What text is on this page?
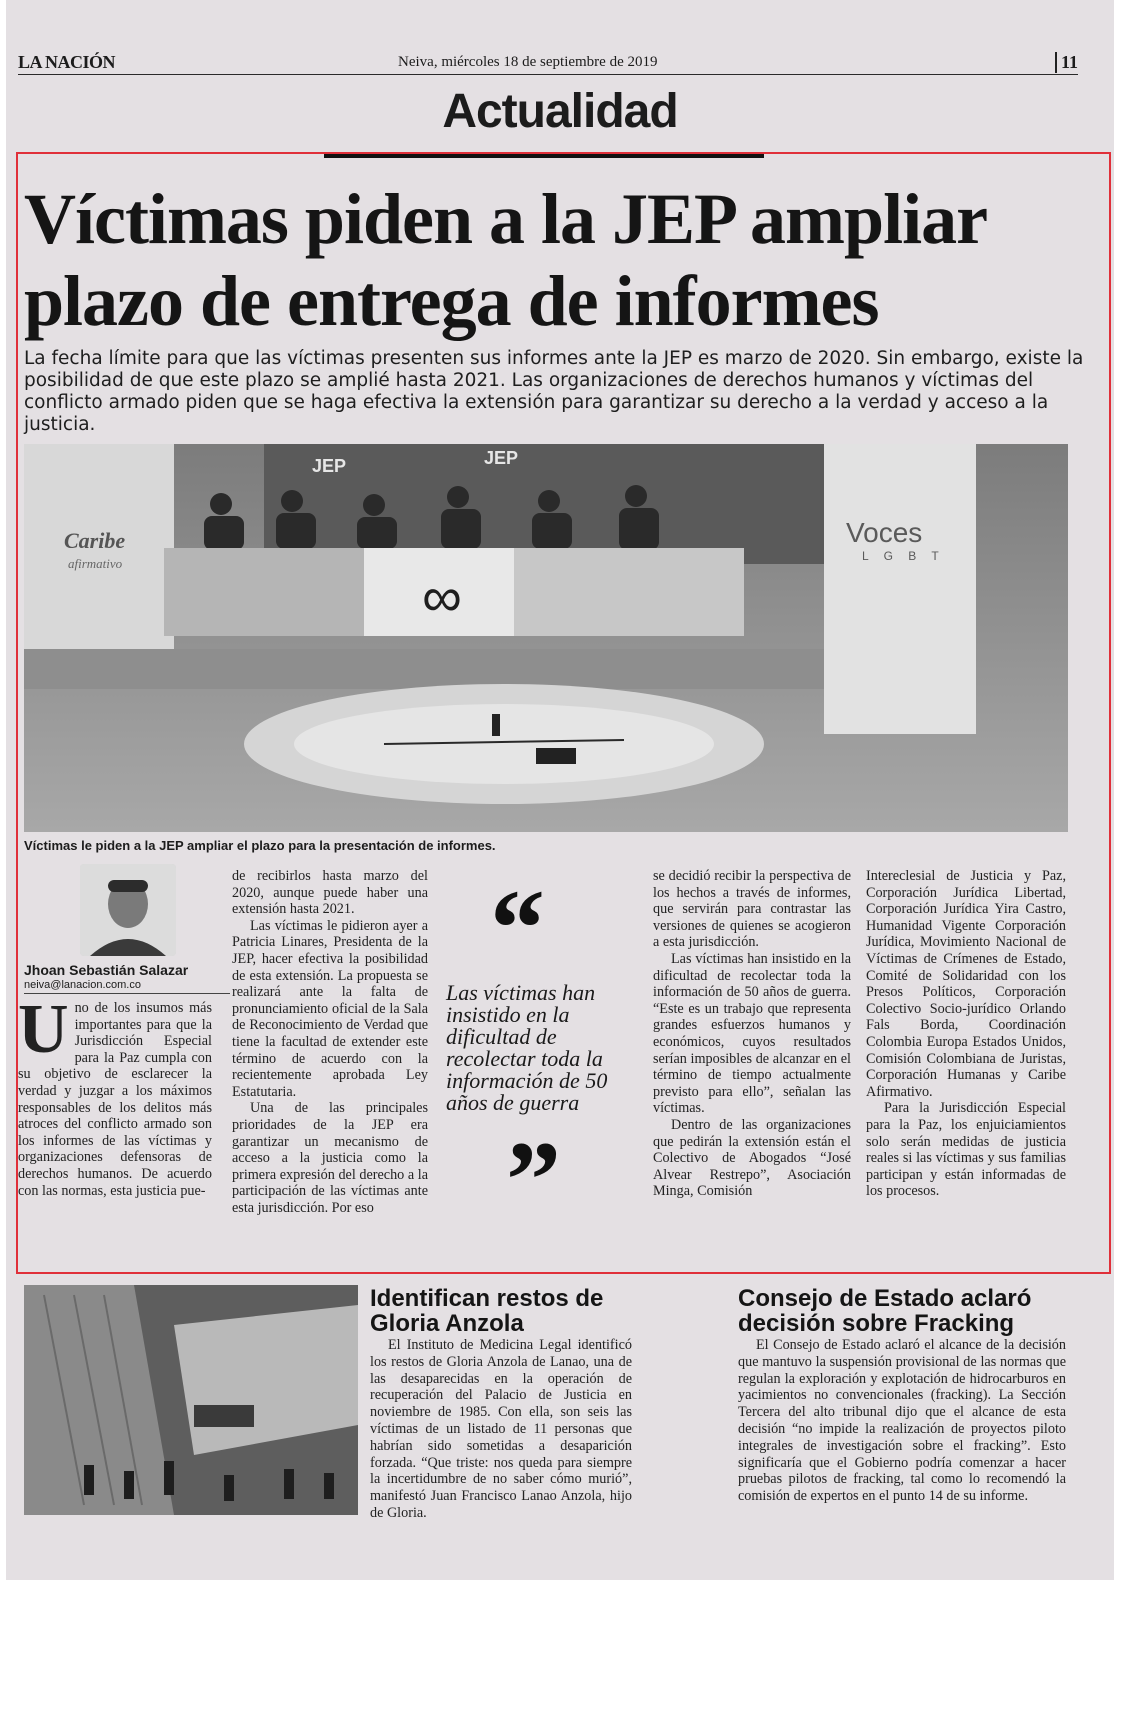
LA NACIÓN	Neiva, miércoles 18 de septiembre de 2019	11
Actualidad
Víctimas piden a la JEP ampliar
plazo de entrega de informes
La fecha límite para que las víctimas presenten sus informes ante la JEP es marzo de 2020. Sin embargo, existe la posibilidad de que este plazo se amplié hasta 2021. Las organizaciones de derechos humanos y víctimas del conflicto armado piden que se haga efectiva la extensión para garantizar su derecho a la verdad y acceso a la justicia.
JEP	JEP
Caribe
afirmativo
Voces
L G B T
∞
Víctimas le piden a la JEP ampliar el plazo para la presentación de informes.
Jhoan Sebastián Salazar
neiva@lanacion.com.co
U no de los insumos más importantes para que la Jurisdicción Especial para la Paz cumpla con su objetivo de esclarecer la verdad y juzgar a los máximos responsables de los delitos más atroces del conflicto armado son los informes de las víctimas y organizaciones defensoras de derechos humanos. De acuerdo con las normas, esta justicia pue-

de recibirlos hasta marzo del 2020, aunque puede haber una extensión hasta 2021.

Las víctimas le pidieron ayer a Patricia Linares, Presidenta de la JEP, hacer efectiva la posibilidad de esta extensión. La propuesta se realizará ante la falta de pronunciamiento oficial de la Sala de Reconocimiento de Verdad que tiene la facultad de extender este término de acuerdo con la recientemente aprobada Ley Estatutaria.

Una de las principales prioridades de la JEP era garantizar un mecanismo de acceso a la justicia como la primera expresión del derecho a la participación de las víctimas ante esta jurisdicción. Por eso

“
Las víctimas han insistido en la dificultad de recolectar toda la información de 50 años de guerra
”

se decidió recibir la perspectiva de los hechos a través de informes, que servirán para contrastar las versiones de quienes se acogieron a esta jurisdicción.

Las víctimas han insistido en la dificultad de recolectar toda la información de 50 años de guerra. “Este es un trabajo que representa grandes esfuerzos humanos y económicos, cuyos resultados serían imposibles de alcanzar en el término de tiempo actualmente previsto para ello”, señalan las víctimas.

Dentro de las organizaciones que pedirán la extensión están el Colectivo de Abogados “José Alvear Restrepo”, Asociación Minga, Comisión

Intereclesial de Justicia y Paz, Corporación Jurídica Libertad, Corporación Jurídica Yira Castro, Humanidad Vigente Corporación Jurídica, Movimiento Nacional de Víctimas de Crímenes de Estado, Comité de Solidaridad con los Presos Políticos, Corporación Colectivo Socio-jurídico Orlando Fals Borda, Coordinación Colombia Europa Estados Unidos, Comisión Colombiana de Juristas, Corporación Humanas y Caribe Afirmativo.

Para la Jurisdicción Especial para la Paz, los enjuiciamientos solo serán medidas de justicia reales si las víctimas y sus familias participan y están informadas de los procesos.

Identifican restos de Gloria Anzola
El Instituto de Medicina Legal identificó los restos de Gloria Anzola de Lanao, una de las desaparecidas en la operación de recuperación del Palacio de Justicia en noviembre de 1985. Con ella, son seis las víctimas de un listado de 11 personas que habrían sido sometidas a desaparición forzada. “Que triste: nos queda para siempre la incertidumbre de no saber cómo murió”, manifestó Juan Francisco Lanao Anzola, hijo de Gloria.
Consejo de Estado aclaró decisión sobre Fracking
El Consejo de Estado aclaró el alcance de la decisión que mantuvo la suspensión provisional de las normas que regulan la exploración y explotación de hidrocarburos en yacimientos no convencionales (fracking). La Sección Tercera del alto tribunal dijo que el alcance de esta decisión “no impide la realización de proyectos piloto integrales de investigación sobre el fracking”. Esto significaría que el Gobierno podría comenzar a hacer pruebas pilotos de fracking, tal como lo recomendó la comisión de expertos en el punto 14 de su informe.
